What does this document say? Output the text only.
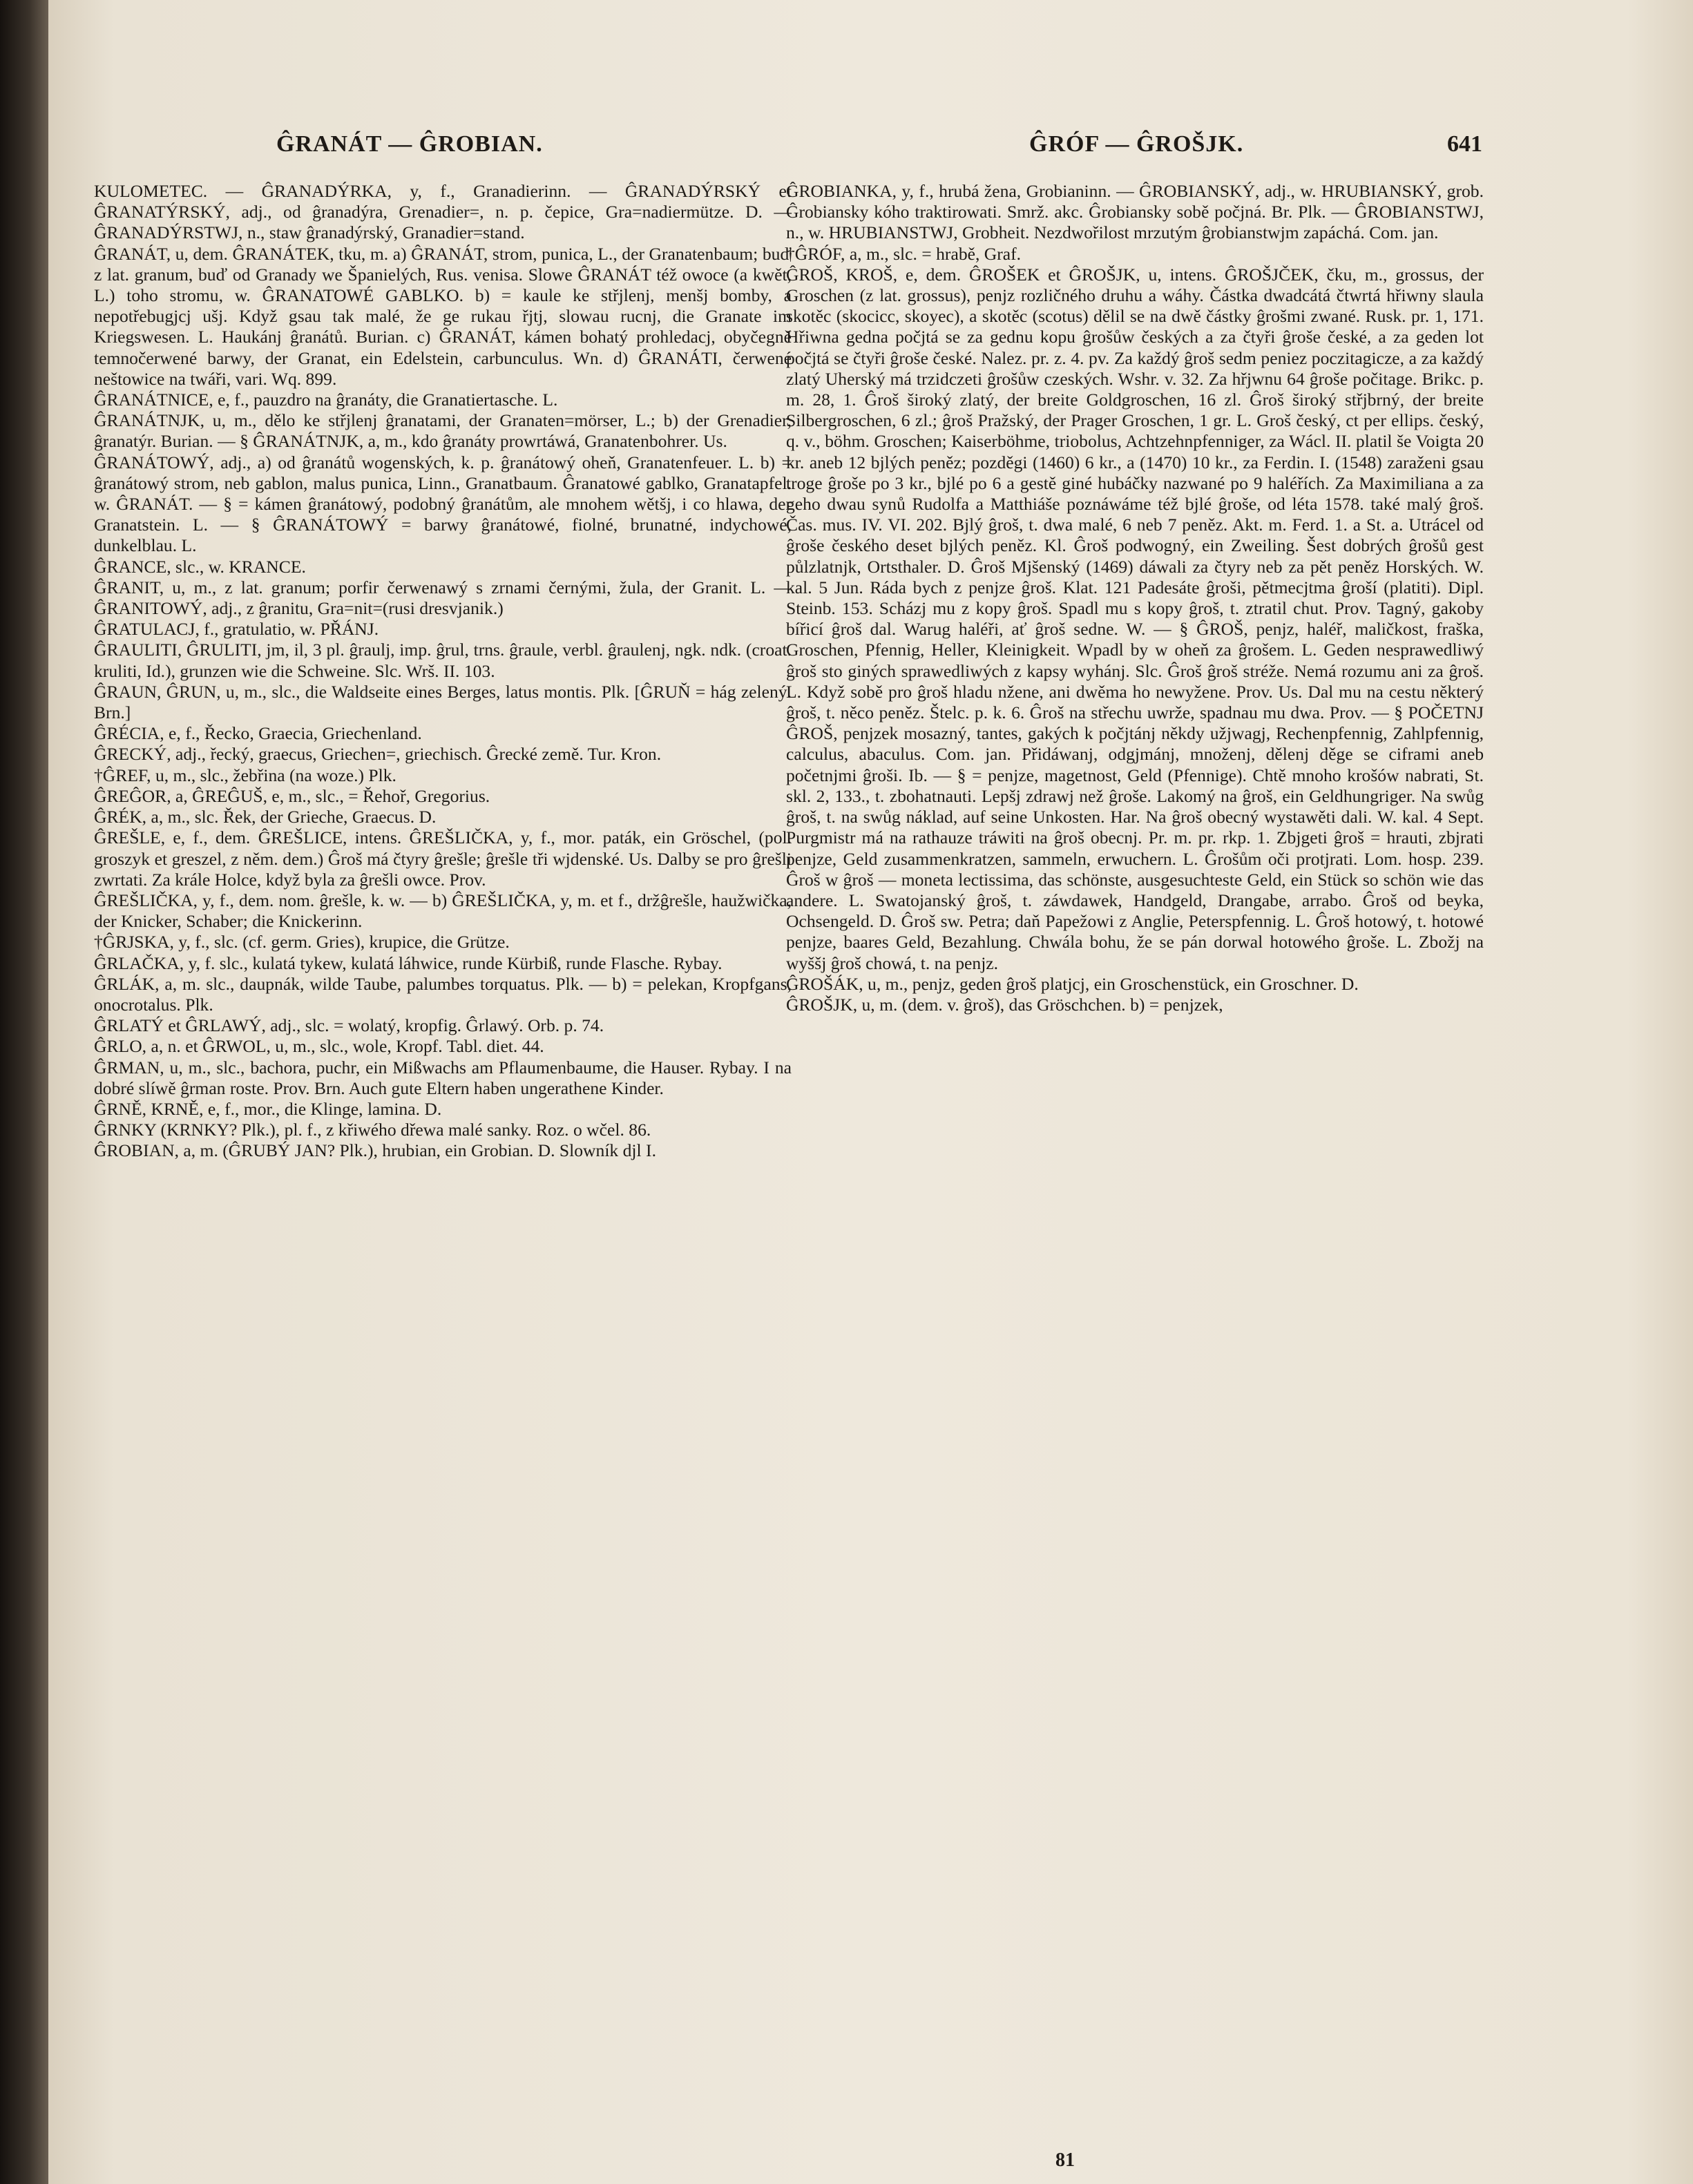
ĜRANÁT — ĜROBIAN.	ĜRÓF — ĜROŠJK.	641

KULOMETEC. — ĜRANADÝRKA, y, f., Granadierinn. — ĜRANADÝRSKÝ et ĜRANATÝRSKÝ, adj., od ĝranadýra, Grenadier=, n. p. čepice, Gra=nadiermütze. D. — ĜRANADÝRSTWJ, n., staw ĝranadýrský, Granadier=stand.

ĜRANÁT, u, dem. ĜRANÁTEK, tku, m. a) ĜRANÁT, strom, punica, L., der Granatenbaum; buď z lat. granum, buď od Granady we Španielých, Rus. venisa. Slowe ĜRANÁT též owoce (a kwět, L.) toho stromu, w. ĜRANATOWÉ GABLKO. b) = kaule ke střjlenj, menšj bomby, a nepotřebugjcj ušj. Když gsau tak malé, že ge rukau řjtj, slowau rucnj, die Granate im Kriegswesen. L. Haukánj ĝranátů. Burian. c) ĜRANÁT, kámen bohatý prohledacj, obyčegně temnočerwené barwy, der Granat, ein Edelstein, carbunculus. Wn. d) ĜRANÁTI, čerwené neštowice na twáři, vari. Wq. 899.

ĜRANÁTNICE, e, f., pauzdro na ĝranáty, die Granatiertasche. L.

ĜRANÁTNJK, u, m., dělo ke střjlenj ĝranatami, der Granaten=mörser, L.; b) der Grenadier, ĝranatýr. Burian. — § ĜRANÁTNJK, a, m., kdo ĝranáty prowrtáwá, Granatenbohrer. Us.

ĜRANÁTOWÝ, adj., a) od ĝranátů wogenských, k. p. ĝranátowý oheň, Granatenfeuer. L. b) = ĝranátowý strom, neb gablon, malus punica, Linn., Granatbaum. Ĝranatowé gablko, Granatapfel. w. ĜRANÁT. — § = kámen ĝranátowý, podobný ĝranátům, ale mnohem wětšj, i co hlawa, der Granatstein. L. — § ĜRANÁTOWÝ = barwy ĝranátowé, fiolné, brunatné, indychowé, dunkelblau. L.

ĜRANCE, slc., w. KRANCE.

ĜRANIT, u, m., z lat. granum; porfir čerwenawý s zrnami černými, žula, der Granit. L. — ĜRANITOWÝ, adj., z ĝranitu, Gra=nit=(rusi dresvjanik.)

ĜRATULACJ, f., gratulatio, w. PŘÁNJ.

ĜRAULITI, ĜRULITI, jm, il, 3 pl. ĝraulj, imp. ĝrul, trns. ĝraule, verbl. ĝraulenj, ngk. ndk. (croat. kruliti, Id.), grunzen wie die Schweine. Slc. Wrš. II. 103.

ĜRAUN, ĜRUN, u, m., slc., die Waldseite eines Berges, latus montis. Plk. [ĜRUŇ = hág zelený. Brn.]

ĜRÉCIA, e, f., Řecko, Graecia, Griechenland.

ĜRECKÝ, adj., řecký, graecus, Griechen=, griechisch. Ĝrecké země. Tur. Kron.

†ĜREF, u, m., slc., žebřina (na woze.) Plk.

ĜREĜOR, a, ĜREĜUŠ, e, m., slc., = Řehoř, Gregorius.

ĜRÉK, a, m., slc. Řek, der Grieche, Graecus. D.

ĜREŠLE, e, f., dem. ĜREŠLICE, intens. ĜREŠLIČKA, y, f., mor. paták, ein Gröschel, (pol. groszyk et greszel, z něm. dem.) Ĝroš má čtyry ĝrešle; ĝrešle tři wjdenské. Us. Dalby se pro ĝrešli zwrtati. Za krále Holce, když byla za ĝrešli owce. Prov.

ĜREŠLIČKA, y, f., dem. nom. ĝrešle, k. w. — b) ĜREŠLIČKA, y, m. et f., držĝrešle, haužwička, der Knicker, Schaber; die Knickerinn.

†ĜRJSKA, y, f., slc. (cf. germ. Gries), krupice, die Grütze.

ĜRLAČKA, y, f. slc., kulatá tykew, kulatá láhwice, runde Kürbiß, runde Flasche. Rybay.

ĜRLÁK, a, m. slc., daupnák, wilde Taube, palumbes torquatus. Plk. — b) = pelekan, Kropfgans, onocrotalus. Plk.

ĜRLATÝ et ĜRLAWÝ, adj., slc. = wolatý, kropfig. Ĝrlawý. Orb. p. 74.

ĜRLO, a, n. et ĜRWOL, u, m., slc., wole, Kropf. Tabl. diet. 44.

ĜRMAN, u, m., slc., bachora, puchr, ein Mißwachs am Pflaumenbaume, die Hauser. Rybay. I na dobré slíwě ĝrman roste. Prov. Brn. Auch gute Eltern haben ungerathene Kinder.

ĜRNĚ, KRNĚ, e, f., mor., die Klinge, lamina. D.

ĜRNKY (KRNKY? Plk.), pl. f., z křiwého dřewa malé sanky. Roz. o wčel. 86.

ĜROBIAN, a, m. (ĜRUBÝ JAN? Plk.), hrubian, ein Grobian. D. Slowník djl I.

ĜROBIANKA, y, f., hrubá žena, Grobianinn. — ĜROBIANSKÝ, adj., w. HRUBIANSKÝ, grob. Ĝrobiansky kóho traktirowati. Smrž. akc. Ĝrobiansky sobě počjná. Br. Plk. — ĜROBIANSTWJ, n., w. HRUBIANSTWJ, Grobheit. Nezdwořilost mrzutým ĝrobianstwjm zapáchá. Com. jan.

†ĜRÓF, a, m., slc. = hrabě, Graf.

ĜROŠ, KROŠ, e, dem. ĜROŠEK et ĜROŠJK, u, intens. ĜROŠJČEK, čku, m., grossus, der Groschen (z lat. grossus), penjz rozličného druhu a wáhy. Částka dwadcátá čtwrtá hřiwny slaula skotěc (skocicc, skoyec), a skotěc (scotus) dělil se na dwě částky ĝrošmi zwané. Rusk. pr. 1, 171. Hřiwna gedna počjtá se za gednu kopu ĝrošůw českých a za čtyři ĝroše české, a za geden lot počjtá se čtyři ĝroše české. Nalez. pr. z. 4. pv. Za každý ĝroš sedm peniez poczitagicze, a za každý zlatý Uherský má trzidczeti ĝrošůw czeských. Wshr. v. 32. Za hřjwnu 64 ĝroše počitage. Brikc. p. m. 28, 1. Ĝroš široký zlatý, der breite Goldgroschen, 16 zl. Ĝroš široký střjbrný, der breite Silbergroschen, 6 zl.; ĝroš Pražský, der Prager Groschen, 1 gr. L. Groš český, ct per ellips. český, q. v., böhm. Groschen; Kaiserböhme, triobolus, Achtzehnpfenniger, za Wácl. II. platil še Voigta 20 kr. aneb 12 bjlých peněz; pozděgi (1460) 6 kr., a (1470) 10 kr., za Ferdin. I. (1548) zaraženi gsau troge ĝroše po 3 kr., bjlé po 6 a gestě giné hubáčky nazwané po 9 haléřích. Za Maximiliana a za geho dwau synů Rudolfa a Matthiáše poznáwáme též bjlé ĝroše, od léta 1578. také malý ĝroš. Čas. mus. IV. VI. 202. Bjlý ĝroš, t. dwa malé, 6 neb 7 peněz. Akt. m. Ferd. 1. a St. a. Utrácel od ĝroše českého deset bjlých peněz. Kl. Ĝroš podwogný, ein Zweiling. Šest dobrých ĝrošů gest půlzlatnjk, Ortsthaler. D. Ĝroš Mjšenský (1469) dáwali za čtyry neb za pět peněz Horských. W. kal. 5 Jun. Ráda bych z penjze ĝroš. Klat. 121 Padesáte ĝroši, pětmecjtma ĝroší (platiti). Dipl. Steinb. 153. Scházj mu z kopy ĝroš. Spadl mu s kopy ĝroš, t. ztratil chut. Prov. Tagný, gakoby bířicí ĝroš dal. Warug haléři, ať ĝroš sedne. W. — § ĜROŠ, penjz, haléř, maličkost, fraška, Groschen, Pfennig, Heller, Kleinigkeit. Wpadl by w oheň za ĝrošem. L. Geden nesprawedliwý ĝroš sto giných sprawedliwých z kapsy wyhánj. Slc. Ĝroš ĝroš stréže. Nemá rozumu ani za ĝroš. L. Když sobě pro ĝroš hladu nžene, ani dwěma ho newyžene. Prov. Us. Dal mu na cestu některý ĝroš, t. něco peněz. Štelc. p. k. 6. Ĝroš na střechu uwrže, spadnau mu dwa. Prov. — § POČETNJ ĜROŠ, penjzek mosazný, tantes, gakých k počjtánj někdy užjwagj, Rechenpfennig, Zahlpfennig, calculus, abaculus. Com. jan. Přidáwanj, odgjmánj, množenj, dělenj děge se ciframi aneb početnjmi ĝroši. Ib. — § = penjze, magetnost, Geld (Pfennige). Chtě mnoho krošów nabrati, St. skl. 2, 133., t. zbohatnauti. Lepšj zdrawj než ĝroše. Lakomý na ĝroš, ein Geldhungriger. Na swůg ĝroš, t. na swůg náklad, auf seine Unkosten. Har. Na ĝroš obecný wystawěti dali. W. kal. 4 Sept. Purgmistr má na rathauze tráwiti na ĝroš obecnj. Pr. m. pr. rkp. 1. Zbjgeti ĝroš = hrauti, zbjrati penjze, Geld zusammenkratzen, sammeln, erwuchern. L. Ĝrošům oči protjrati. Lom. hosp. 239. Ĝroš w ĝroš — moneta lectissima, das schönste, ausgesuchteste Geld, ein Stück so schön wie das andere. L. Swatojanský ĝroš, t. záwdawek, Handgeld, Drangabe, arrabo. Ĝroš od beyka, Ochsengeld. D. Ĝroš sw. Petra; daň Papežowi z Anglie, Peterspfennig. L. Ĝroš hotowý, t. hotowé penjze, baares Geld, Bezahlung. Chwála bohu, že se pán dorwal hotowého ĝroše. L. Zbožj na wyššj ĝroš chowá, t. na penjz.

ĜROŠÁK, u, m., penjz, geden ĝroš platjcj, ein Groschenstück, ein Groschner. D.

ĜROŠJK, u, m. (dem. v. ĝroš), das Gröschchen. b) = penjzek,

81
